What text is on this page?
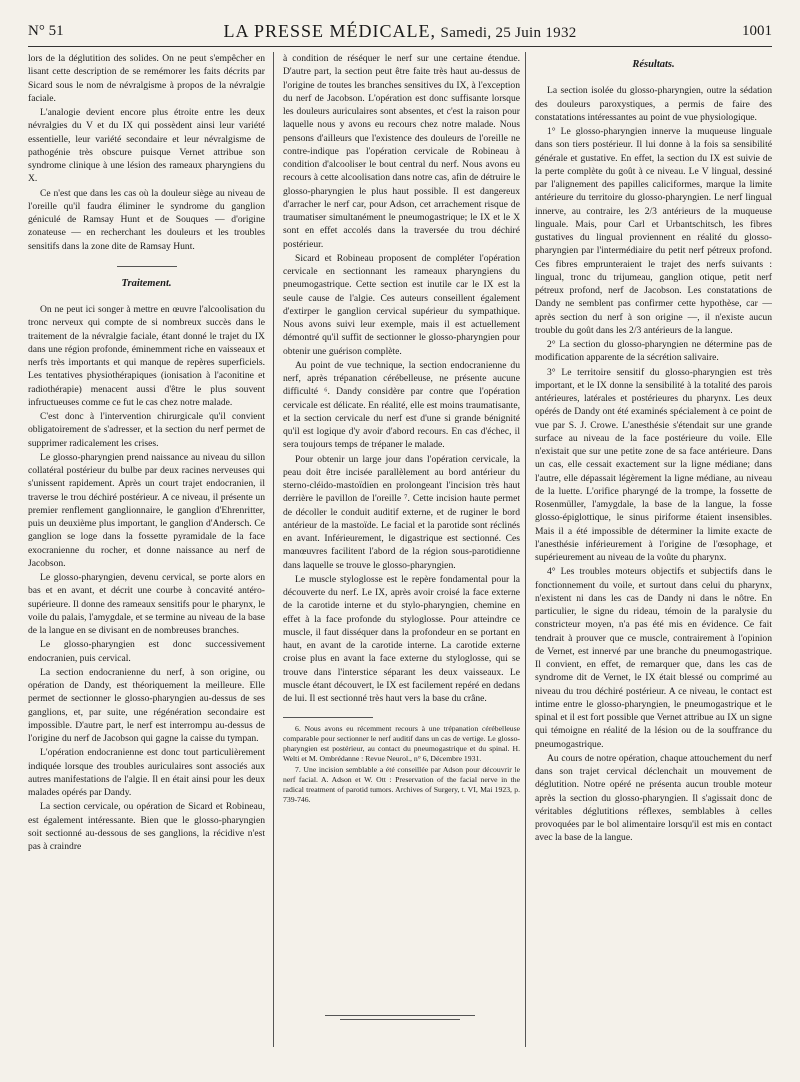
N° 51	LA PRESSE MÉDICALE, Samedi, 25 Juin 1932	1001

lors de la déglutition des solides. On ne peut s'empêcher en lisant cette description de se remémorer les faits décrits par Sicard sous le nom de névralgisme à propos de la névralgie faciale.

L'analogie devient encore plus étroite entre les deux névralgies du V et du IX qui possèdent ainsi leur variété essentielle, leur variété secondaire et leur névralgisme de pathogénie très obscure puisque Vernet attribue son syndrome clinique à une lésion des rameaux pharyngiens du X.

Ce n'est que dans les cas où la douleur siège au niveau de l'oreille qu'il faudra éliminer le syndrome du ganglion géniculé de Ramsay Hunt et de Souques — d'origine zonateuse — en recherchant les douleurs et les troubles sensitifs dans la zone dite de Ramsay Hunt.

Traitement.

On ne peut ici songer à mettre en œuvre l'alcoolisation du tronc nerveux qui compte de si nombreux succès dans le traitement de la névralgie faciale, étant donné le trajet du IX dans une région profonde, éminemment riche en vaisseaux et nerfs très importants et qui manque de repères superficiels. Les tentatives physiothérapiques (ionisation à l'aconitine et radiothérapie) menacent aussi d'être le plus souvent infructueuses comme ce fut le cas chez notre malade.

C'est donc à l'intervention chirurgicale qu'il convient obligatoirement de s'adresser, et la section du nerf permet de supprimer radicalement les crises.

Le glosso-pharyngien prend naissance au niveau du sillon collatéral postérieur du bulbe par deux racines nerveuses qui s'unissent rapidement. Après un court trajet endocranien, il traverse le trou déchiré postérieur. A ce niveau, il présente un premier renflement ganglionnaire, le ganglion d'Ehrenritter, puis un deuxième plus important, le ganglion d'Andersch. Ce ganglion se loge dans la fossette pyramidale de la face exocranienne du rocher, et donne naissance au nerf de Jacobson.

Le glosso-pharyngien, devenu cervical, se porte alors en bas et en avant, et décrit une courbe à concavité antéro-supérieure. Il donne des rameaux sensitifs pour le pharynx, le voile du palais, l'amygdale, et se termine au niveau de la base de la langue en se divisant en de nombreuses branches.

Le glosso-pharyngien est donc successivement endocranien, puis cervical.

La section endocranienne du nerf, à son origine, ou opération de Dandy, est théoriquement la meilleure. Elle permet de sectionner le glosso-pharyngien au-dessus de ses ganglions, et, par suite, une régénération secondaire est impossible. D'autre part, le nerf est interrompu au-dessus de l'origine du nerf de Jacobson qui gagne la caisse du tympan.

L'opération endocranienne est donc tout particulièrement indiquée lorsque des troubles auriculaires sont associés aux autres manifestations de l'algie. Il en était ainsi pour les deux malades opérés par Dandy.

La section cervicale, ou opération de Sicard et Robineau, est également intéressante. Bien que le glosso-pharyngien soit sectionné au-dessous de ses ganglions, la récidive n'est pas à craindre

à condition de réséquer le nerf sur une certaine étendue. D'autre part, la section peut être faite très haut au-dessus de l'origine de toutes les branches sensitives du IX, à l'exception du nerf de Jacobson. L'opération est donc suffisante lorsque les douleurs auriculaires sont absentes, et c'est la raison pour laquelle nous y avons eu recours chez notre malade. Nous pensons d'ailleurs que l'existence des douleurs de l'oreille ne contre-indique pas l'opération cervicale de Robineau à condition d'alcooliser le bout central du nerf. Nous avons eu recours à cette alcoolisation dans notre cas, afin de détruire le glosso-pharyngien le plus haut possible. Il est dangereux d'arracher le nerf car, pour Adson, cet arrachement risque de traumatiser simultanément le pneumogastrique; le IX et le X sont en effet accolés dans la traversée du trou déchiré postérieur.

Sicard et Robineau proposent de compléter l'opération cervicale en sectionnant les rameaux pharyngiens du pneumogastrique. Cette section est inutile car le IX est la seule cause de l'algie. Ces auteurs conseillent également d'extirper le ganglion cervical supérieur du sympathique. Nous avons suivi leur exemple, mais il est actuellement démontré qu'il suffit de sectionner le glosso-pharyngien pour obtenir une guérison complète.

Au point de vue technique, la section endocranienne du nerf, après trépanation cérébelleuse, ne présente aucune difficulté ⁶. Dandy considère par contre que l'opération cervicale est délicate. En réalité, elle est moins traumatisante, et la section cervicale du nerf est d'une si grande bénignité qu'il est logique d'y avoir d'abord recours. En cas d'échec, il sera toujours temps de trépaner le malade.

Pour obtenir un large jour dans l'opération cervicale, la peau doit être incisée parallèlement au bord antérieur du sterno-cléido-mastoïdien en prolongeant l'incision très haut derrière le pavillon de l'oreille ⁷. Cette incision haute permet de décoller le conduit auditif externe, et de ruginer le bord antérieur de la mastoïde. Le facial et la parotide sont réclinés en avant. Inférieurement, le digastrique est sectionné. Ces manœuvres facilitent l'abord de la région sous-parotidienne dans laquelle se trouve le glosso-pharyngien.

Le muscle styloglosse est le repère fondamental pour la découverte du nerf. Le IX, après avoir croisé la face externe de la carotide interne et du stylo-pharyngien, chemine en effet à la face profonde du styloglosse. Pour atteindre ce muscle, il faut disséquer dans la profondeur en se portant en haut, en avant de la carotide interne. La carotide externe croise plus en avant la face externe du styloglosse, qui se trouve dans l'interstice séparant les deux vaisseaux. Le muscle étant découvert, le IX est facilement repéré en dedans de lui. Il est sectionné très haut vers la base du crâne.

6. Nous avons eu récemment recours à une trépanation cérébelleuse comparable pour sectionner le nerf auditif dans un cas de vertige. Le glosso-pharyngien est postérieur, au contact du pneumogastrique et du spinal. H. Welti et M. Ombrédanne : Revue Neurol., n° 6, Décembre 1931.

7. Une incision semblable a été conseillée par Adson pour découvrir le nerf facial. A. Adson et W. Ott : Preservation of the facial nerve in the radical treatment of parotid tumors. Archives of Surgery, t. VI, Mai 1923, p. 739-746.

Résultats.

La section isolée du glosso-pharyngien, outre la sédation des douleurs paroxystiques, a permis de faire des constatations intéressantes au point de vue physiologique.

1° Le glosso-pharyngien innerve la muqueuse linguale dans son tiers postérieur. Il lui donne à la fois sa sensibilité générale et gustative. En effet, la section du IX est suivie de la perte complète du goût à ce niveau. Le V lingual, dessiné par l'alignement des papilles caliciformes, marque la limite antérieure du territoire du glosso-pharyngien. Le nerf lingual innerve, au contraire, les 2/3 antérieurs de la muqueuse linguale. Mais, pour Carl et Urbantschitsch, les fibres gustatives du lingual proviennent en réalité du glosso-pharyngien par l'intermédiaire du petit nerf pétreux profond. Ces fibres emprunteraient le trajet des nerfs suivants : lingual, tronc du trijumeau, ganglion otique, petit nerf pétreux profond, nerf de Jacobson. Les constatations de Dandy ne semblent pas confirmer cette hypothèse, car — après section du nerf à son origine —, il n'existe aucun trouble du goût dans les 2/3 antérieurs de la langue.

2° La section du glosso-pharyngien ne détermine pas de modification apparente de la sécrétion salivaire.

3° Le territoire sensitif du glosso-pharyngien est très important, et le IX donne la sensibilité à la totalité des parois antérieures, latérales et postérieures du pharynx. Les deux opérés de Dandy ont été examinés spécialement à ce point de vue par S. J. Crowe. L'anesthésie s'étendait sur une grande surface au niveau de la face postérieure du voile. Elle n'existait que sur une petite zone de sa face antérieure. Dans un cas, elle cessait exactement sur la ligne médiane; dans l'autre, elle dépassait légèrement la ligne médiane, au niveau de la luette. L'orifice pharyngé de la trompe, la fossette de Rosenmüller, l'amygdale, la base de la langue, la fosse glosso-épiglottique, le sinus piriforme étaient insensibles. Mais il a été impossible de déterminer la limite exacte de l'anesthésie inférieurement à l'origine de l'œsophage, et supérieurement au niveau de la voûte du pharynx.

4° Les troubles moteurs objectifs et subjectifs dans le fonctionnement du voile, et surtout dans celui du pharynx, n'existent ni dans les cas de Dandy ni dans le nôtre. En particulier, le signe du rideau, témoin de la paralysie du constricteur moyen, n'a pas été mis en évidence. Ce fait tendrait à prouver que ce muscle, contrairement à l'opinion de Vernet, est innervé par une branche du pneumogastrique. Il convient, en effet, de remarquer que, dans les cas de syndrome dit de Vernet, le IX était blessé ou comprimé au niveau du trou déchiré postérieur. A ce niveau, le contact est intime entre le glosso-pharyngien, le pneumogastrique et le spinal et il est fort possible que Vernet attribue au IX un signe qui témoigne en réalité de la lésion ou de la souffrance du pneumogastrique.

Au cours de notre opération, chaque attouchement du nerf dans son trajet cervical déclenchait un mouvement de déglutition. Notre opéré ne présenta aucun trouble moteur après la section du glosso-pharyngien. Il s'agissait donc de véritables déglutitions réflexes, semblables à celles provoquées par le bol alimentaire lorsqu'il est mis en contact avec la base de la langue.
